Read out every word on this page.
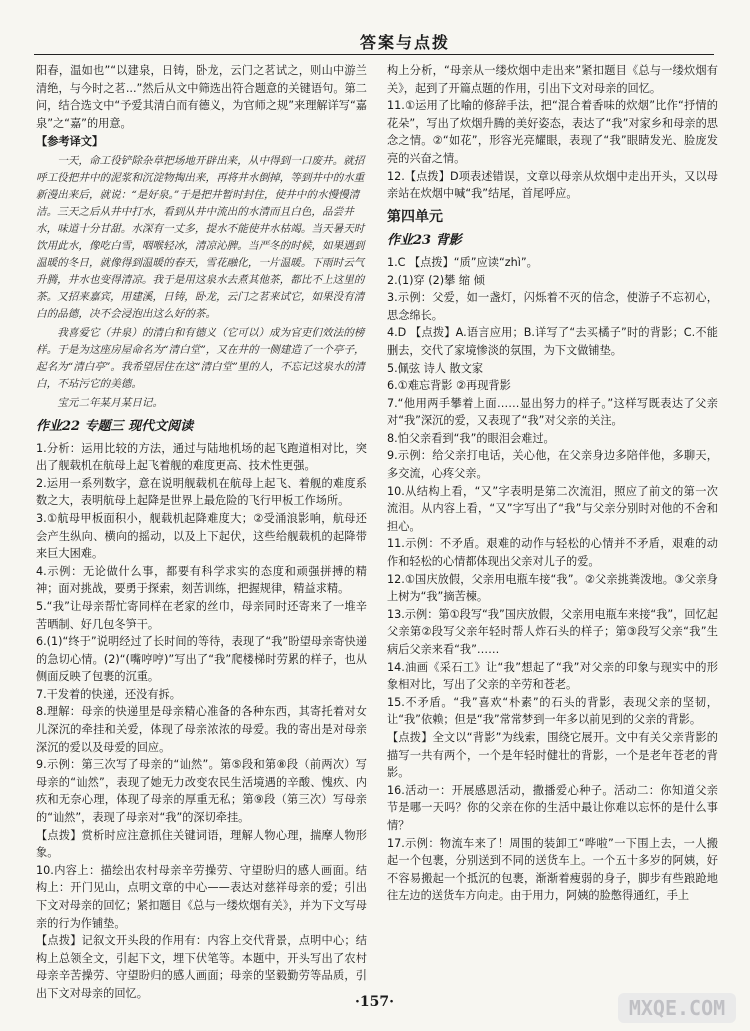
答案与点拨

阳春，温如也”“以建泉，日铸，卧龙，云门之茗试之，则山中游兰清绝，与今时之茗...”然后从文中筛选出符合题意的关键语句。第二问，结合选文中“予爱其清白而有德义，为官师之规”来理解详写“嘉泉”之“嘉”的用意。

【参考译文】

一天，命工役铲除杂草把场地开辟出来，从中得到一口废井。就招呼工役把井中的泥浆和沉淀物掏出来，再将井水倒掉，等到井中的水重新漫出来后，就说：“是好泉。”于是把井暂时封住，使井中的水慢慢清洁。三天之后从井中打水，看到从井中流出的水清而且白色，品尝井水，味道十分甘甜。水深有一丈多，提水不能使井水枯竭。当天暑天时饮用此水，像吃白雪，咽喉轻冰，清凉沁脾。当严冬的时候，如果遇到温暖的冬日，就像得到温暖的春天，雪花融化，一片温暖。下雨时云气升腾，井水也变得清凉。我于是用这泉水去煮其他茶，都比不上这里的茶。又招来嘉宾，用建溪，日铸，卧龙，云门之茗来试它，如果没有清白的品德，决不会浸泡出这么好的茶。

我喜爱它（井泉）的清白和有德义（它可以）成为官吏们效法的榜样。于是为这座房屋命名为“清白堂”，又在井的一侧建造了一个亭子，起名为“清白亭”。我希望居住在这“清白堂”里的人，不忘记这泉水的清白，不玷污它的美德。

宝元二年某月某日记。

作业22 专题三 现代文阅读

1.分析：运用比较的方法，通过与陆地机场的起飞跑道相对比，突出了舰载机在航母上起飞着舰的难度更高、技术性更强。

2.运用一系列数字，意在说明舰载机在航母上起飞、着舰的难度系数之大，表明航母上起降是世界上最危险的飞行甲板工作场所。

3.①航母甲板面积小，舰载机起降难度大；②受涌浪影响，航母还会产生纵向、横向的摇动，以及上下起伏，这些给舰载机的起降带来巨大困难。

4.示例：无论做什么事，都要有科学求实的态度和顽强拼搏的精神；面对挑战，要勇于探索，刻苦训练，把握规律，精益求精。

5.“我”让母亲帮忙寄同样在老家的丝巾，母亲同时还寄来了一堆辛苦晒制、好几包冬笋干。

6.(1)“终于”说明经过了长时间的等待，表现了“我”盼望母亲寄快递的急切心情。(2)“(嘴哼哼)”写出了“我”爬楼梯时劳累的样子，也从侧面反映了包裹的沉重。

7.干发着的快递，还没有拆。

8.理解：母亲的快递里是母亲精心准备的各种东西，其寄托着对女儿深沉的牵挂和关爱，体现了母亲浓浓的母爱。我的寄出是对母亲深沉的爱以及母爱的回应。

9.示例：第三次写了母亲的“讪然”。第⑤段和第⑧段（前两次）写母亲的“讪然”，表现了她无力改变农民生活境遇的辛酸、愧疚、内疚和无奈心理，体现了母亲的厚重无私；第⑨段（第三次）写母亲的“讪然”，表现了母亲对“我”的深切牵挂。

【点拨】赏析时应注意抓住关键词语，理解人物心理，揣摩人物形象。

10.内容上：描绘出农村母亲辛劳操劳、守望盼归的感人画面。结构上：开门见山，点明文章的中心——表达对慈祥母亲的爱；引出下文对母亲的回忆；紧扣题目《总与一缕炊烟有关》，并为下文写母亲的行为作铺垫。

【点拨】记叙文开头段的作用有：内容上交代背景，点明中心；结构上总领全文，引起下文，埋下伏笔等。本题中，开头写出了农村母亲辛苦操劳、守望盼归的感人画面；母亲的坚毅勤劳等品质，引出下文对母亲的回忆。

构上分析，“母亲从一缕炊烟中走出来”紧扣题目《总与一缕炊烟有关》，起到了开篇点题的作用，引出下文对母亲的回忆。

11.①运用了比喻的修辞手法，把“混合着香味的炊烟”比作“抒情的花朵”，写出了炊烟升腾的美好姿态，表达了“我”对家乡和母亲的思念之情。②“如花”，形容光亮耀眼，表现了“我”眼睛发光、脸庞发亮的兴奋之情。

12.【点拨】D项表述错误，文章以母亲从炊烟中走出开头，又以母亲站在炊烟中喊“我”结尾，首尾呼应。

第四单元

作业23 背影

1.C 【点拨】“质”应读“zhì”。

2.(1)穿 (2)攀 缩 倾

3.示例：父爱，如一盏灯，闪烁着不灭的信念，使游子不忘初心，思念绵长。

4.D 【点拨】A.语言应用；B.详写了“去买橘子”时的背影；C.不能删去，交代了家境惨淡的氛围，为下文做铺垫。

5.佩弦 诗人 散文家

6.①难忘背影 ②再现背影

7.“他用两手攀着上面……显出努力的样子。”这样写既表达了父亲对“我”深沉的爱，又表现了“我”对父亲的关注。

8.怕父亲看到“我”的眼泪会难过。

9.示例：给父亲打电话，关心他，在父亲身边多陪伴他，多聊天，多交流，心疼父亲。

10.从结构上看，“又”字表明是第二次流泪，照应了前文的第一次流泪。从内容上看，“又”字写出了“我”与父亲分别时对他的不舍和担心。

11.示例：不矛盾。艰难的动作与轻松的心情并不矛盾，艰难的动作和轻松的心情都体现出父亲对儿子的爱。

12.①国庆放假，父亲用电瓶车接“我”。②父亲挑粪泼地。③父亲身上树为“我”摘苦楝。

13.示例：第①段写“我”国庆放假，父亲用电瓶车来接“我”，回忆起父亲第②段写父亲年轻时帮人炸石头的样子；第③段写父亲“我”生病后父亲来看“我”……

14.油画《采石工》让“我”想起了“我”对父亲的印象与现实中的形象相对比，写出了父亲的辛劳和苍老。

15.不矛盾。“我”喜欢“朴素”的石头的背影，表现父亲的坚韧，让“我”依赖；但是“我”常常梦到一年多以前见到的父亲的背影。

【点拨】全文以“背影”为线索，围绕它展开。文中有关父亲背影的描写一共有两个，一个是年轻时健壮的背影，一个是老年苍老的背影。

16.活动一：开展感恩活动，撒播爱心种子。活动二：你知道父亲节是哪一天吗？你的父亲在你的生活中最让你难以忘怀的是什么事情？

17.示例：物流车来了！周围的装卸工“哗啦”一下围上去，一人搬起一个包裹，分别送到不同的送货车上。一个五十多岁的阿姨，好不容易搬起一个抵沉的包裹，渐渐着瘦弱的身子，脚步有些踉跄地往左边的送货车方向走。由于用力，阿姨的脸憋得通红，手上

·157·	MXQE.COM
